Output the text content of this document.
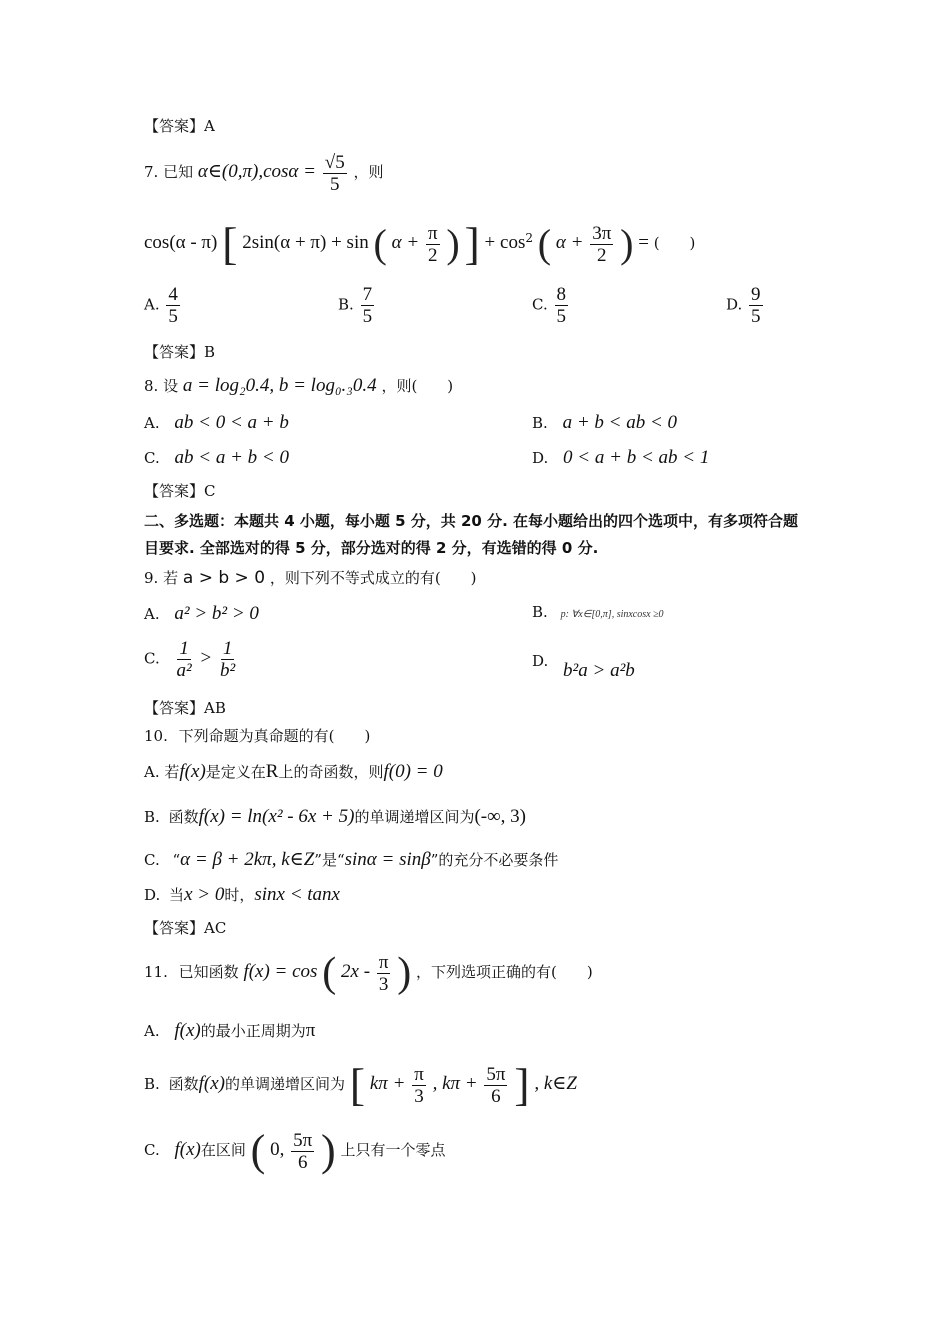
【答案】A
7. 已知 α∈(0,π),cosα = $\frac{√5}{5}$ ，则
cos(α - π) [ 2sin(α + π) + sin ( $\alpha + \frac{\pi}{2}$ ) ] + $\cos^2$ ( $\alpha + \frac{3\pi}{2}$ ) = (　　)
A. $\frac{4}{5}$	B. $\frac{7}{5}$	C. $\frac{8}{5}$	D. $\frac{9}{5}$
【答案】B
8. 设 a = log₂0.4, b = log₀.₃0.4 ，则(　　)
A. ab < 0 < a + b	B. a + b < ab < 0
C. ab < a + b < 0	D. 0 < a + b < ab < 1
【答案】C
二、多选题：本题共 4 小题，每小题 5 分，共 20 分. 在每小题给出的四个选项中，有多项符合题
目要求. 全部选对的得 5 分，部分选对的得 2 分，有选错的得 0 分.
9. 若 a > b > 0 ，则下列不等式成立的有(　　)
A. a² > b² > 0	B. p: ∀x∈[0,π], sinxcosx ≥0
C. $\frac{1}{\text{a²}} > \frac{1}{\text{b²}}$	D. b²a > a²b
【答案】AB
10. 下列命题为真命题的有(　　)
A. 若f(x)是定义在R上的奇函数，则f(0) = 0
B. 函数f(x) = ln(x² - 6x + 5)的单调递增区间为(-∞, 3)
C. “α = β + 2kπ, k∈Z”是“sinα = sinβ”的充分不必要条件
D. 当x > 0时，sinx < tanx
【答案】AC
11. 已知函数 f(x) = cos ( $2x - \frac{\pi}{3}$ ) ，下列选项正确的有(　　)
A. f(x)的最小正周期为π
B. 函数f(x)的单调递增区间为 [ $k\pi + \frac{\pi}{3}$ , $k\pi + \frac{5\pi}{6}$ ] , k∈Z
C. f(x)在区间 ( 0, $\frac{5\pi}{6}$ ) 上只有一个零点
